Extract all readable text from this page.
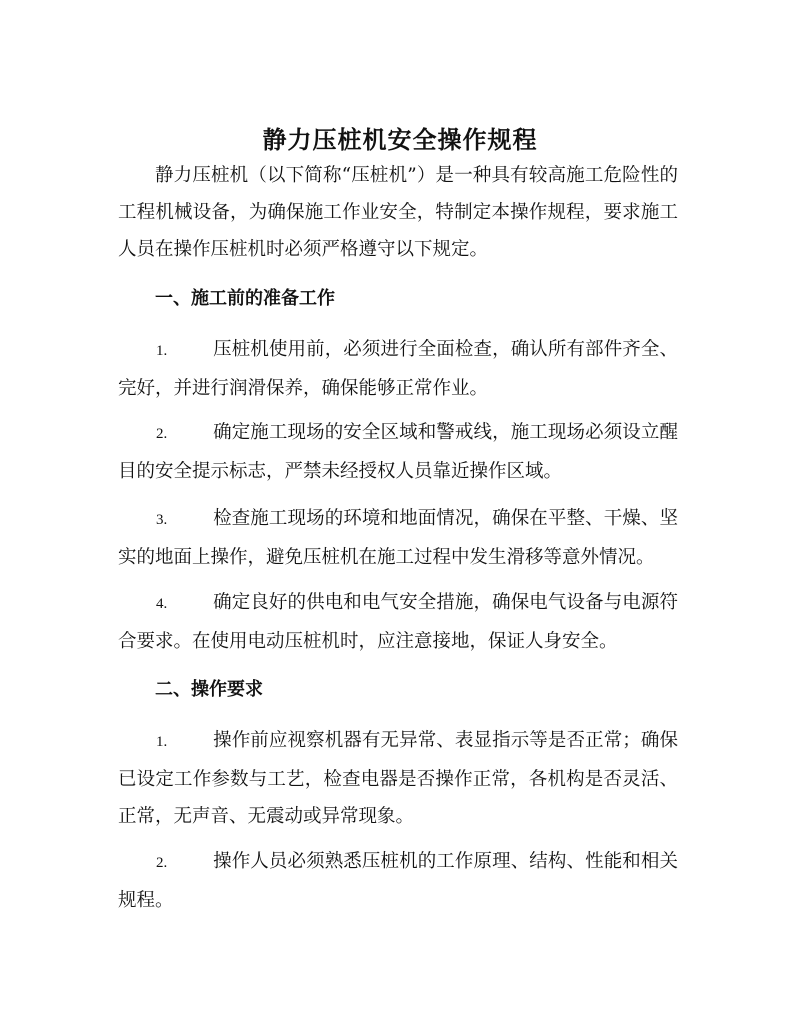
静力压桩机安全操作规程

静力压桩机（以下简称“压桩机”）是一种具有较高施工危险性的工程机械设备，为确保施工作业安全，特制定本操作规程，要求施工人员在操作压桩机时必须严格遵守以下规定。

一、施工前的准备工作

1. 压桩机使用前，必须进行全面检查，确认所有部件齐全、完好，并进行润滑保养，确保能够正常作业。

2. 确定施工现场的安全区域和警戒线，施工现场必须设立醒目的安全提示标志，严禁未经授权人员靠近操作区域。

3. 检查施工现场的环境和地面情况，确保在平整、干燥、坚实的地面上操作，避免压桩机在施工过程中发生滑移等意外情况。

4. 确定良好的供电和电气安全措施，确保电气设备与电源符合要求。在使用电动压桩机时，应注意接地，保证人身安全。

二、操作要求

1. 操作前应视察机器有无异常、表显指示等是否正常；确保已设定工作参数与工艺，检查电器是否操作正常，各机构是否灵活、正常，无声音、无震动或异常现象。

2. 操作人员必须熟悉压桩机的工作原理、结构、性能和相关规程。
